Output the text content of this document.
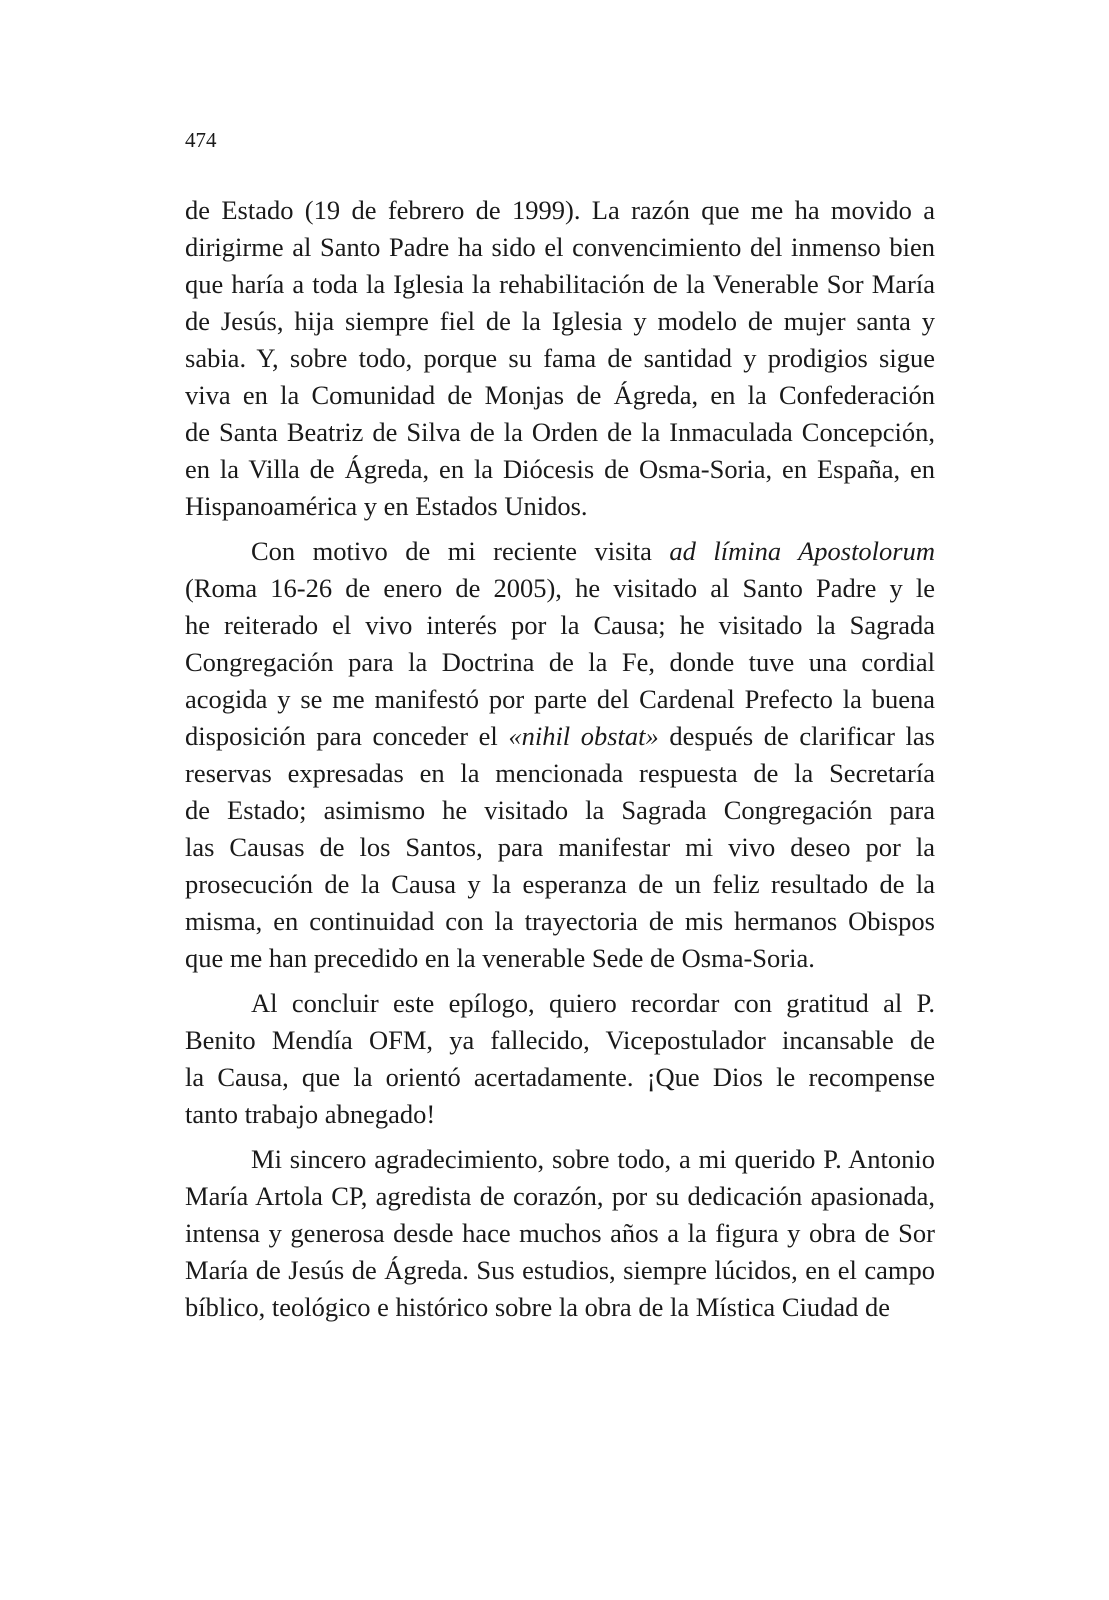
474
de Estado (19 de febrero de 1999). La razón que me ha movido a
dirigirme al Santo Padre ha sido el convencimiento del inmenso bien
que haría a toda la Iglesia la rehabilitación de la Venerable Sor María
de Jesús, hija siempre fiel de la Iglesia y modelo de mujer santa y
sabia. Y, sobre todo, porque su fama de santidad y prodigios sigue
viva en la Comunidad de Monjas de Ágreda, en la Confederación
de Santa Beatriz de Silva de la Orden de la Inmaculada Concepción,
en la Villa de Ágreda, en la Diócesis de Osma-Soria, en España, en
Hispanoamérica y en Estados Unidos.
Con motivo de mi reciente visita ad límina Apostolorum
(Roma 16-26 de enero de 2005), he visitado al Santo Padre y le
he reiterado el vivo interés por la Causa; he visitado la Sagrada
Congregación para la Doctrina de la Fe, donde tuve una cordial
acogida y se me manifestó por parte del Cardenal Prefecto la buena
disposición para conceder el «nihil obstat» después de clarificar las
reservas expresadas en la mencionada respuesta de la Secretaría
de Estado; asimismo he visitado la Sagrada Congregación para
las Causas de los Santos, para manifestar mi vivo deseo por la
prosecución de la Causa y la esperanza de un feliz resultado de la
misma, en continuidad con la trayectoria de mis hermanos Obispos
que me han precedido en la venerable Sede de Osma-Soria.
Al concluir este epílogo, quiero recordar con gratitud al P.
Benito Mendía OFM, ya fallecido, Vicepostulador incansable de
la Causa, que la orientó acertadamente. ¡Que Dios le recompense
tanto trabajo abnegado!
Mi sincero agradecimiento, sobre todo, a mi querido P. Antonio
María Artola CP, agredista de corazón, por su dedicación apasionada,
intensa y generosa desde hace muchos años a la figura y obra de Sor
María de Jesús de Ágreda. Sus estudios, siempre lúcidos, en el campo
bíblico, teológico e histórico sobre la obra de la Mística Ciudad de
